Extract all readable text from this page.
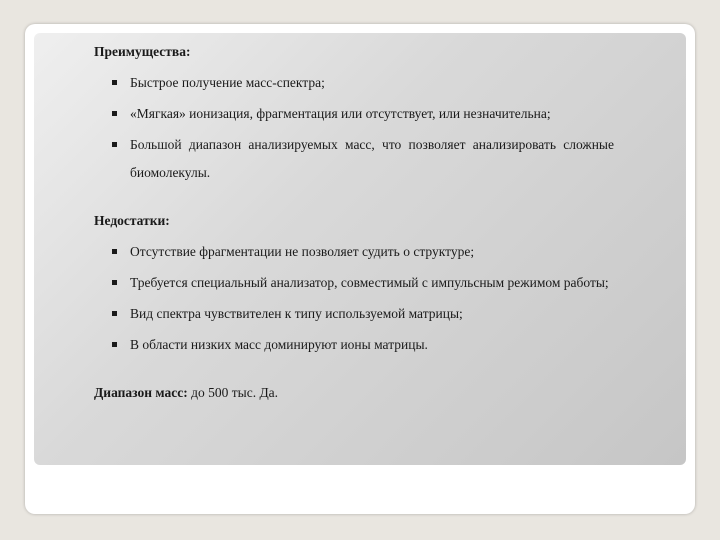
Преимущества:

Быстрое получение масс-спектра;
«Мягкая» ионизация, фрагментация или отсутствует, или незначительна;
Большой диапазон анализируемых масс, что позволяет анализировать сложные биомолекулы.

Недостатки:

Отсутствие фрагментации не позволяет судить о структуре;
Требуется специальный анализатор, совместимый с импульсным режимом работы;
Вид спектра чувствителен к типу используемой матрицы;
В области низких масс доминируют ионы матрицы.

Диапазон масс: до 500 тыс. Да.
